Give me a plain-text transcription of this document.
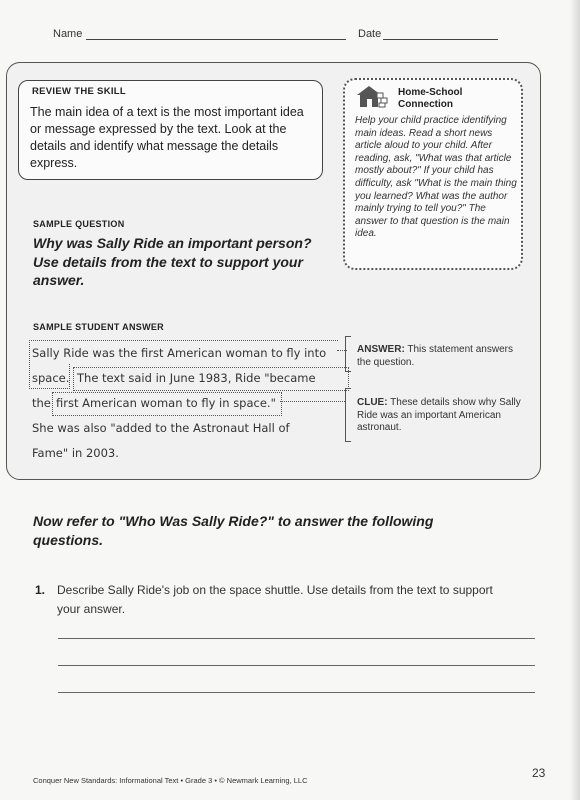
Name	Date
REVIEW THE SKILL

The main idea of a text is the most important idea or message expressed by the text. Look at the details and identify what message the details express.

Home-School
Connection

Help your child practice identifying main ideas. Read a short news article aloud to your child. After reading, ask, "What was that article mostly about?" If your child has difficulty, ask "What is the main thing you learned? What was the author mainly trying to tell you?" The answer to that question is the main idea.

SAMPLE QUESTION
Why was Sally Ride an important person? Use details from the text to support your answer.
SAMPLE STUDENT ANSWER
Sally Ride was the first American woman to fly into
space. The text said in June 1983, Ride "became
the first American woman to fly in space."
She was also "added to the Astronaut Hall of
Fame" in 2003.
ANSWER: This statement answers the question.
CLUE: These details show why Sally Ride was an important American astronaut.
Now refer to "Who Was Sally Ride?" to answer the following questions.
1. Describe Sally Ride's job on the space shuttle. Use details from the text to support your answer.

Conquer New Standards: Informational Text • Grade 3 • © Newmark Learning, LLC
23
